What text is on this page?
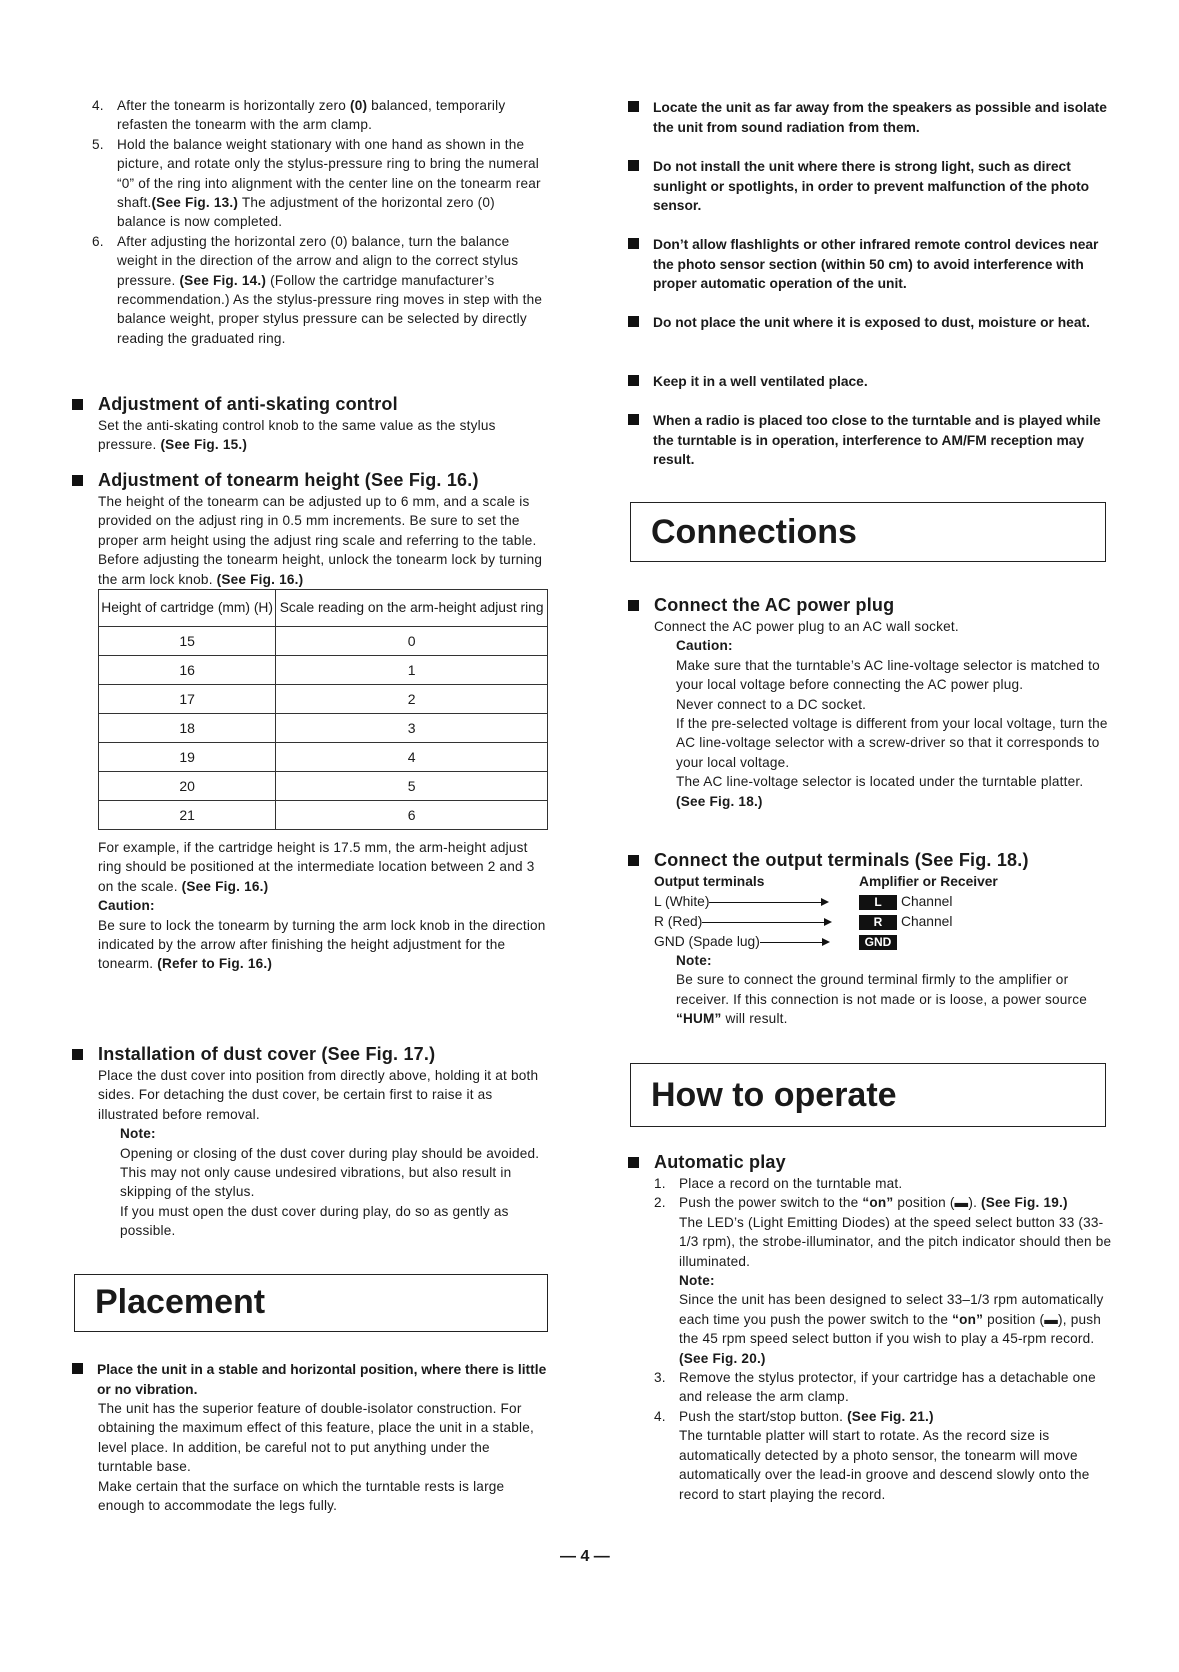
4. After the tonearm is horizontally zero (0) balanced, temporarily refasten the tonearm with the arm clamp.
5. Hold the balance weight stationary with one hand as shown in the picture, and rotate only the stylus-pressure ring to bring the numeral “0” of the ring into alignment with the center line on the tonearm rear shaft.(See Fig. 13.) The adjustment of the horizontal zero (0) balance is now completed.
6. After adjusting the horizontal zero (0) balance, turn the balance weight in the direction of the arrow and align to the correct stylus pressure. (See Fig. 14.) (Follow the cartridge manufacturer’s recommendation.) As the stylus-pressure ring moves in step with the balance weight, proper stylus pressure can be selected by directly reading the graduated ring.
Adjustment of anti-skating control

Set the anti-skating control knob to the same value as the stylus pressure. (See Fig. 15.)

Adjustment of tonearm height (See Fig. 16.)

The height of the tonearm can be adjusted up to 6 mm, and a scale is provided on the adjust ring in 0.5 mm increments. Be sure to set the proper arm height using the adjust ring scale and referring to the table.

Before adjusting the tonearm height, unlock the tonearm lock by turning the arm lock knob. (See Fig. 16.)

Height of cartridge (mm) (H)	Scale reading on the arm-height adjust ring
15	0
16	1
17	2
18	3
19	4
20	5
21	6

For example, if the cartridge height is 17.5 mm, the arm-height adjust ring should be positioned at the intermediate location between 2 and 3 on the scale. (See Fig. 16.)

Caution:

Be sure to lock the tonearm by turning the arm lock knob in the direction indicated by the arrow after finishing the height adjustment for the tonearm. (Refer to Fig. 16.)

Installation of dust cover (See Fig. 17.)

Place the dust cover into position from directly above, holding it at both sides. For detaching the dust cover, be certain first to raise it as illustrated before removal.

Note:

Opening or closing of the dust cover during play should be avoided. This may not only cause undesired vibrations, but also result in skipping of the stylus.

If you must open the dust cover during play, do so as gently as possible.

Placement
Place the unit in a stable and horizontal position, where there is little or no vibration.

The unit has the superior feature of double-isolator construction. For obtaining the maximum effect of this feature, place the unit in a stable, level place. In addition, be careful not to put anything under the turntable base.

Make certain that the surface on which the turntable rests is large enough to accommodate the legs fully.

Locate the unit as far away from the speakers as possible and isolate the unit from sound radiation from them.
Do not install the unit where there is strong light, such as direct sunlight or spotlights, in order to prevent malfunction of the photo sensor.
Don’t allow flashlights or other infrared remote control devices near the photo sensor section (within 50 cm) to avoid interference with proper automatic operation of the unit.
Do not place the unit where it is exposed to dust, moisture or heat.
Keep it in a well ventilated place.
When a radio is placed too close to the turntable and is played while the turntable is in operation, interference to AM/FM reception may result.
Connections
Connect the AC power plug

Connect the AC power plug to an AC wall socket.

Caution:

Make sure that the turntable’s AC line-voltage selector is matched to your local voltage before connecting the AC power plug.

Never connect to a DC socket.

If the pre-selected voltage is different from your local voltage, turn the AC line-voltage selector with a screw-driver so that it corresponds to your local voltage.

The AC line-voltage selector is located under the turntable platter. (See Fig. 18.)

Connect the output terminals (See Fig. 18.)
Output terminals	Amplifier or Receiver
L (White)	L Channel
R (Red)	R Channel
GND (Spade lug)	GND

Note:

Be sure to connect the ground terminal firmly to the amplifier or receiver. If this connection is not made or is loose, a power source “HUM” will result.

How to operate
Automatic play
1. Place a record on the turntable mat.
2. Push the power switch to the “on” position (▬). (See Fig. 19.)

The LED’s (Light Emitting Diodes) at the speed select button 33 (33-1/3 rpm), the strobe-illuminator, and the pitch indicator should then be illuminated.

Note:

Since the unit has been designed to select 33–1/3 rpm automatically each time you push the power switch to the “on” position (▬), push the 45 rpm speed select button if you wish to play a 45-rpm record. (See Fig. 20.)

3. Remove the stylus protector, if your cartridge has a detachable one and release the arm clamp.
4. Push the start/stop button. (See Fig. 21.)

The turntable platter will start to rotate. As the record size is automatically detected by a photo sensor, the tonearm will move automatically over the lead-in groove and descend slowly onto the record to start playing the record.

— 4 —
